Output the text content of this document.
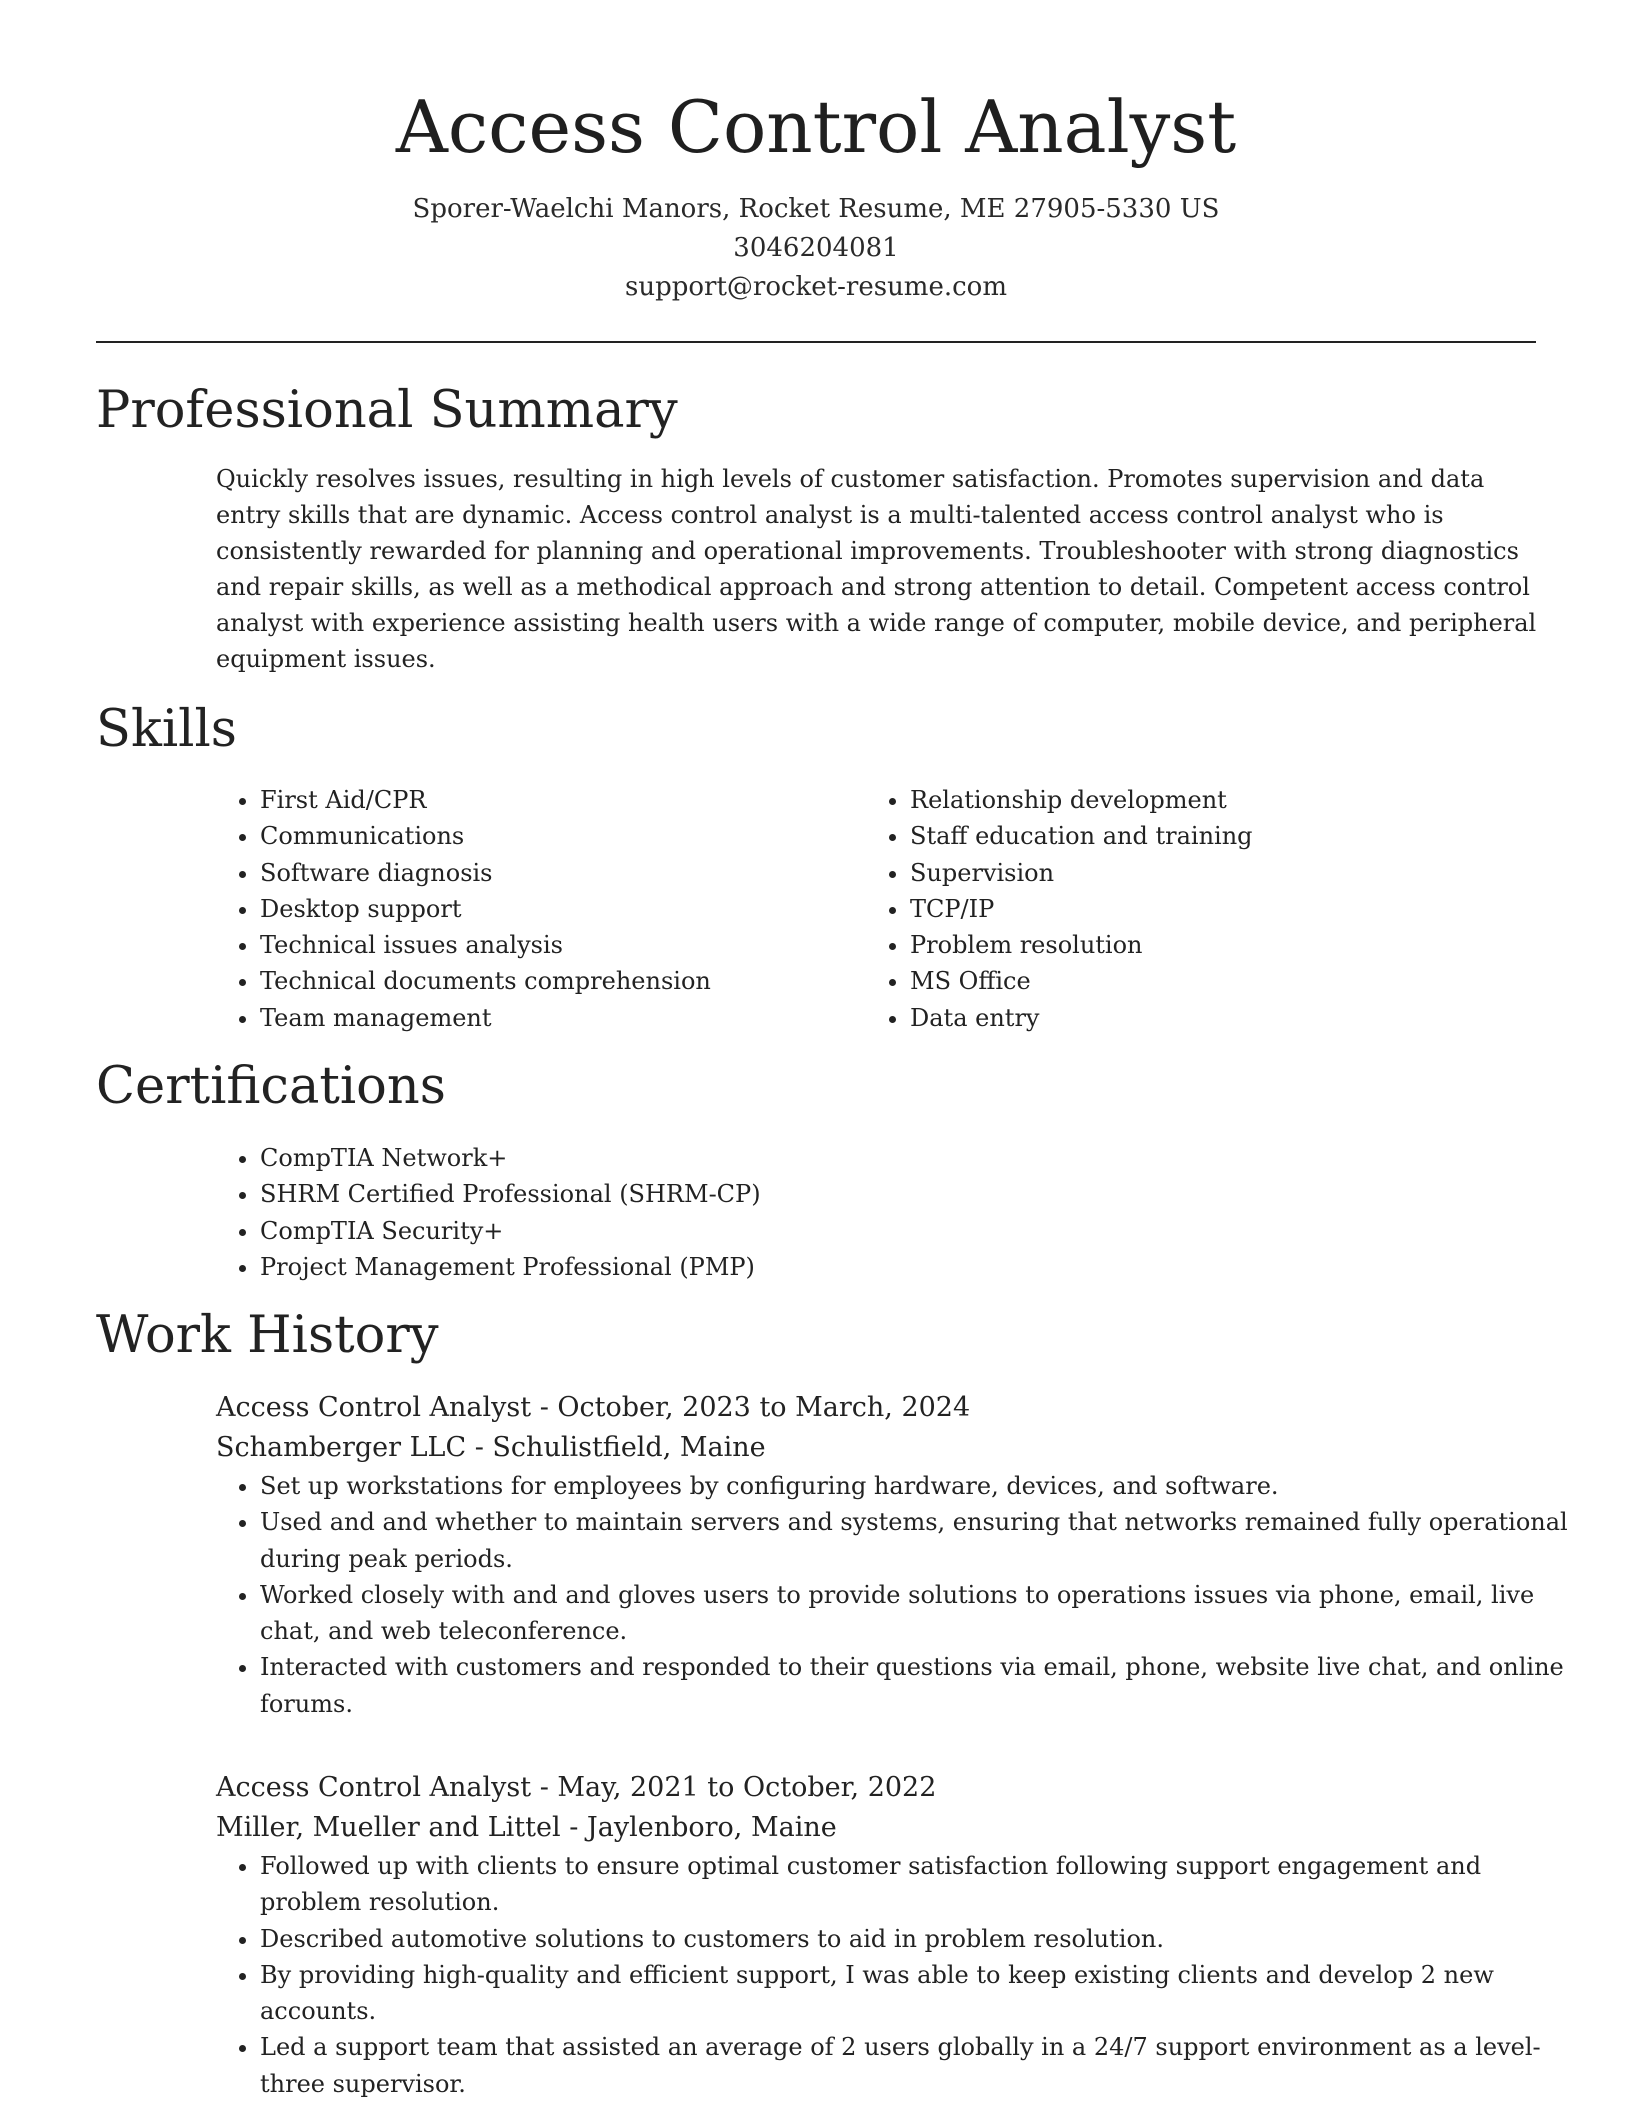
Access Control Analyst
Sporer-Waelchi Manors, Rocket Resume, ME 27905-5330 US
3046204081
support@rocket-resume.com
Professional Summary

Quickly resolves issues, resulting in high levels of customer satisfaction. Promotes supervision and data entry skills that are dynamic. Access control analyst is a multi-talented access control analyst who is consistently rewarded for planning and operational improvements. Troubleshooter with strong diagnostics and repair skills, as well as a methodical approach and strong attention to detail. Competent access control analyst with experience assisting health users with a wide range of computer, mobile device, and peripheral equipment issues.

Skills
• First Aid/CPR
• Communications
• Software diagnosis
• Desktop support
• Technical issues analysis
• Technical documents comprehension
• Team management
• Relationship development
• Staff education and training
• Supervision
• TCP/IP
• Problem resolution
• MS Office
• Data entry
Certifications
• CompTIA Network+
• SHRM Certified Professional (SHRM-CP)
• CompTIA Security+
• Project Management Professional (PMP)
Work History
Access Control Analyst - October, 2023 to March, 2024
Schamberger LLC - Schulistfield, Maine
• Set up workstations for employees by configuring hardware, devices, and software.
• Used and and whether to maintain servers and systems, ensuring that networks remained fully operational during peak periods.
• Worked closely with and and gloves users to provide solutions to operations issues via phone, email, live chat, and web teleconference.
• Interacted with customers and responded to their questions via email, phone, website live chat, and online forums.
Access Control Analyst - May, 2021 to October, 2022
Miller, Mueller and Littel - Jaylenboro, Maine
• Followed up with clients to ensure optimal customer satisfaction following support engagement and problem resolution.
• Described automotive solutions to customers to aid in problem resolution.
• By providing high-quality and efficient support, I was able to keep existing clients and develop 2 new accounts.
• Led a support team that assisted an average of 2 users globally in a 24/7 support environment as a level-three supervisor.
